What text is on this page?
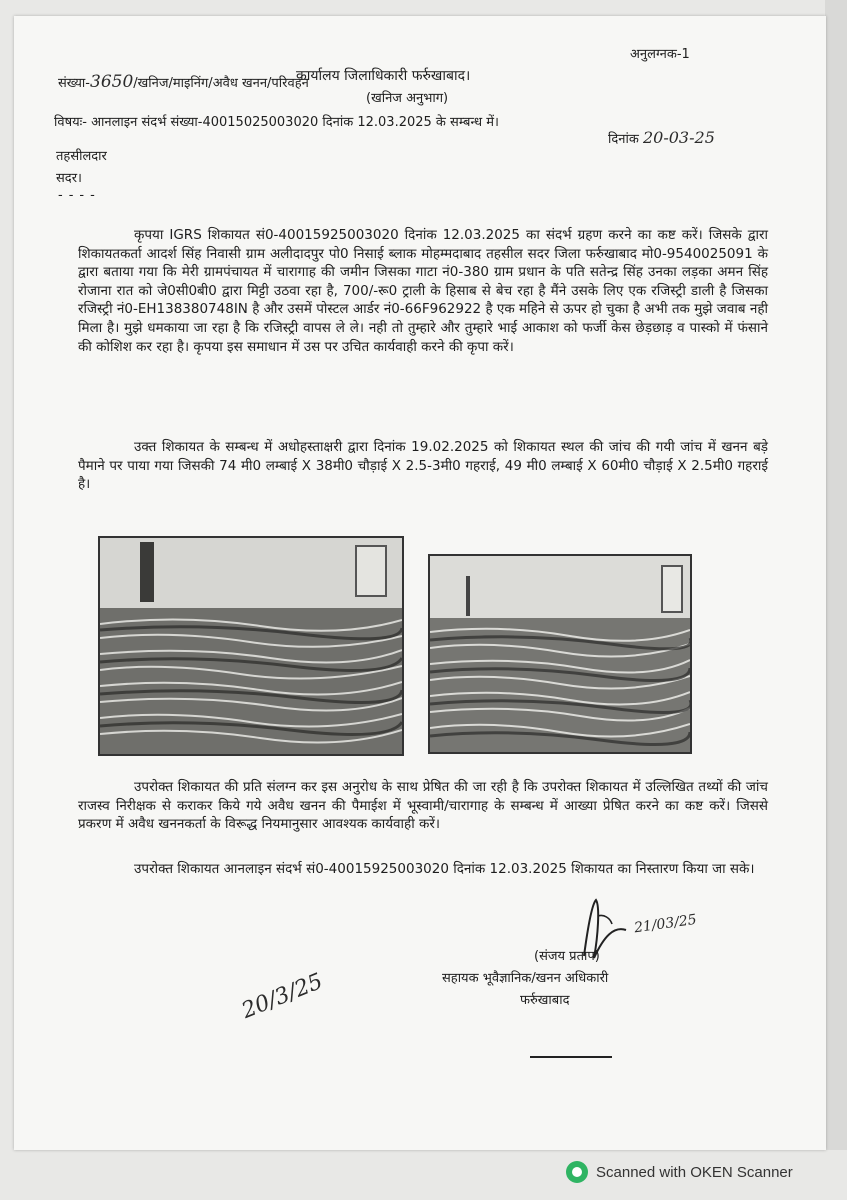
अनुलग्नक-1
कार्यालय जिलाधिकारी फर्रुखाबाद।
(खनिज अनुभाग)
संख्या-3650/खनिज/माइनिंग/अवैध खनन/परिवहन
विषयः- आनलाइन संदर्भ संख्या-40015025003020 दिनांक 12.03.2025 के सम्बन्ध में।
दिनांक 20-03-25
तहसीलदार
सदर।
----

कृपया IGRS शिकायत सं0-40015925003020 दिनांक 12.03.2025 का संदर्भ ग्रहण करने का कष्ट करें। जिसके द्वारा शिकायतकर्ता आदर्श सिंह निवासी ग्राम अलीदादपुर पो0 निसाई ब्लाक मोहम्मदाबाद तहसील सदर जिला फर्रुखाबाद मो0-9540025091 के द्वारा बताया गया कि मेरी ग्रामपंचायत में चारागाह की जमीन जिसका गाटा नं0-380 ग्राम प्रधान के पति सतेन्द्र सिंह उनका लड़का अमन सिंह रोजाना रात को जे0सी0बी0 द्वारा मिट्टी उठवा रहा है, 700/-रू0 ट्राली के हिसाब से बेच रहा है मैंने उसके लिए एक रजिस्ट्री डाली है जिसका रजिस्ट्री नं0-EH138380748IN है और उसमें पोस्टल आर्डर नं0-66F962922 है एक महिने से ऊपर हो चुका है अभी तक मुझे जवाब नही मिला है। मुझे धमकाया जा रहा है कि रजिस्ट्री वापस ले ले। नही तो तुम्हारे और तुम्हारे भाई आकाश को फर्जी केस छेड़छाड़ व पास्को में फंसाने की कोशिश कर रहा है। कृपया इस समाधान में उस पर उचित कार्यवाही करने की कृपा करें।

उक्त शिकायत के सम्बन्ध में अधोहस्ताक्षरी द्वारा दिनांक 19.02.2025 को शिकायत स्थल की जांच की गयी जांच में खनन बड़े पैमाने पर पाया गया जिसकी 74 मी0 लम्बाई X 38मी0 चौड़ाई X 2.5-3मी0 गहराई, 49 मी0 लम्बाई X 60मी0 चौड़ाई X 2.5मी0 गहराई है।

उपरोक्त शिकायत की प्रति संलग्न कर इस अनुरोध के साथ प्रेषित की जा रही है कि उपरोक्त शिकायत में उल्लिखित तथ्यों की जांच राजस्व निरीक्षक से कराकर किये गये अवैध खनन की पैमाईश में भूस्वामी/चारागाह के सम्बन्ध में आख्या प्रेषित करने का कष्ट करें। जिससे प्रकरण में अवैध खननकर्ता के विरूद्ध नियमानुसार आवश्यक कार्यवाही करें।

उपरोक्त शिकायत आनलाइन संदर्भ सं0-40015925003020 दिनांक 12.03.2025 शिकायत का निस्तारण किया जा सके।

21/03/25
(संजय प्रताप)
सहायक भूवैज्ञानिक/खनन अधिकारी
फर्रुखाबाद
20/3/25
Scanned with OKEN Scanner
